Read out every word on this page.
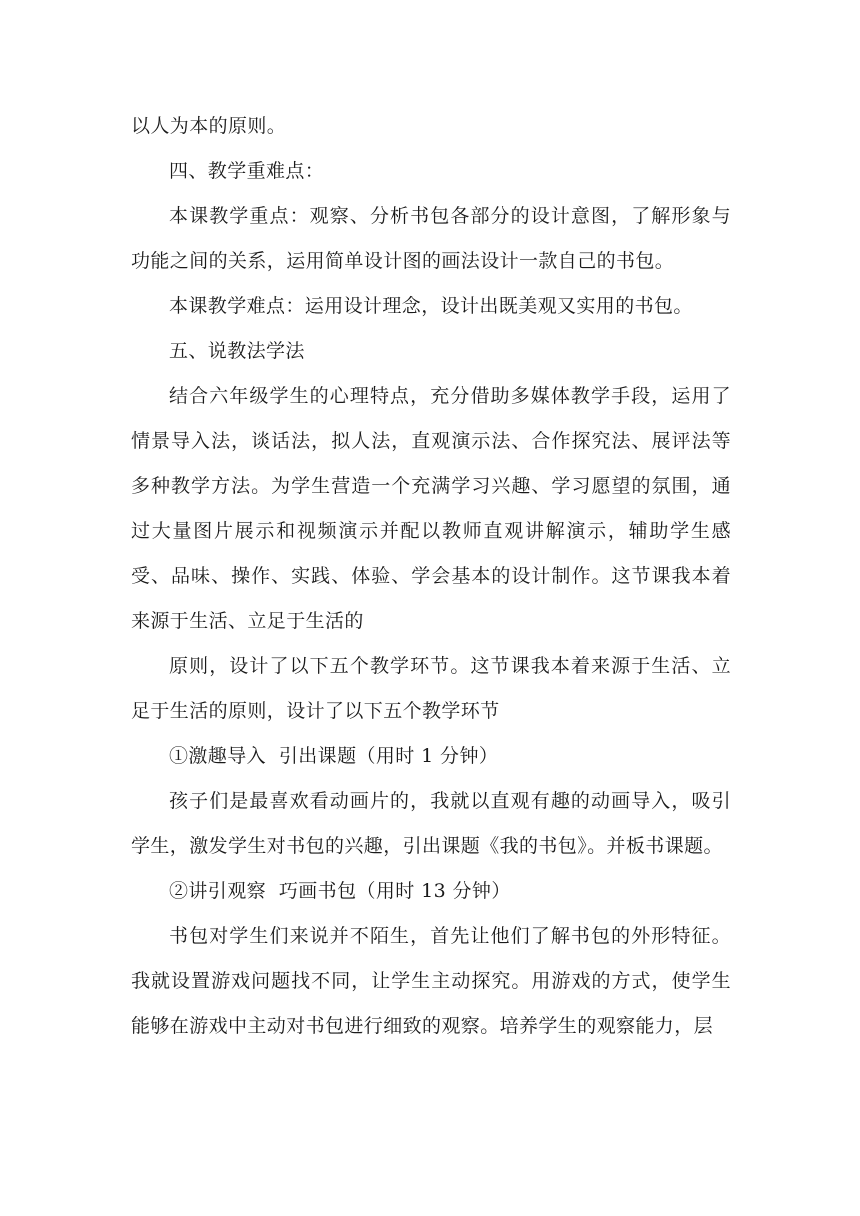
以人为本的原则。

四、教学重难点：

本课教学重点：观察、分析书包各部分的设计意图，了解形象与功能之间的关系，运用简单设计图的画法设计一款自己的书包。

本课教学难点：运用设计理念，设计出既美观又实用的书包。

五、说教法学法

结合六年级学生的心理特点，充分借助多媒体教学手段，运用了情景导入法，谈话法，拟人法，直观演示法、合作探究法、展评法等多种教学方法。为学生营造一个充满学习兴趣、学习愿望的氛围，通过大量图片展示和视频演示并配以教师直观讲解演示，辅助学生感受、品味、操作、实践、体验、学会基本的设计制作。这节课我本着来源于生活、立足于生活的

原则，设计了以下五个教学环节。这节课我本着来源于生活、立足于生活的原则，设计了以下五个教学环节

①激趣导入  引出课题（用时 1 分钟）

孩子们是最喜欢看动画片的，我就以直观有趣的动画导入，吸引学生，激发学生对书包的兴趣，引出课题《我的书包》。并板书课题。

②讲引观察  巧画书包（用时 13 分钟）

书包对学生们来说并不陌生，首先让他们了解书包的外形特征。我就设置游戏问题找不同，让学生主动探究。用游戏的方式，使学生能够在游戏中主动对书包进行细致的观察。培养学生的观察能力，层
